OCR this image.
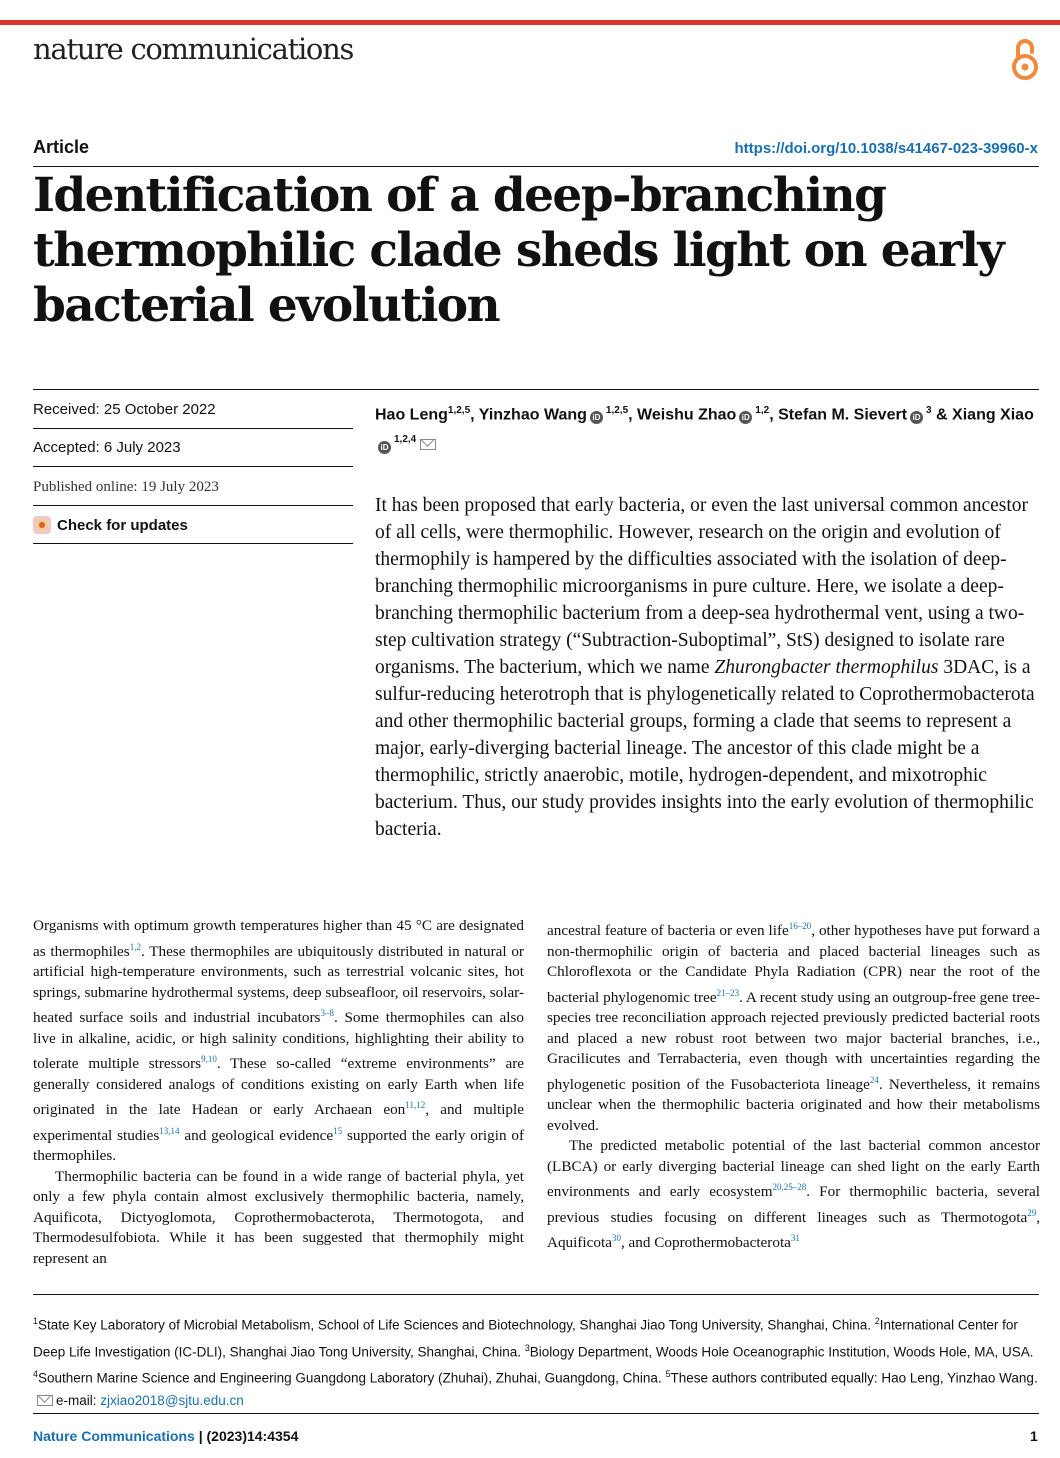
nature communications
Article	https://doi.org/10.1038/s41467-023-39960-x
Identification of a deep-branching thermophilic clade sheds light on early bacterial evolution
Received: 25 October 2022
Accepted: 6 July 2023
Published online: 19 July 2023
Check for updates
Hao Leng$^{1,2,5}$, Yinzhao Wang iD$^{1,2,5}$, Weishu Zhao iD$^{1,2}$, Stefan M. Sievert $iD^3$ & Xiang XiaoiD$^{1,2,4}$

It has been proposed that early bacteria, or even the last universal common ancestor of all cells, were thermophilic. However, research on the origin and evolution of thermophily is hampered by the difficulties associated with the isolation of deep-branching thermophilic microorganisms in pure culture. Here, we isolate a deep-branching thermophilic bacterium from a deep-sea hydrothermal vent, using a two-step cultivation strategy (“Subtraction-Suboptimal”, StS) designed to isolate rare organisms. The bacterium, which we name Zhurongbacter thermophilus 3DAC, is a sulfur-reducing heterotroph that is phylogenetically related to Coprothermobacterota and other thermophilic bacterial groups, forming a clade that seems to represent a major, early-diverging bacterial lineage. The ancestor of this clade might be a thermophilic, strictly anaerobic, motile, hydrogen-dependent, and mixotrophic bacterium. Thus, our study provides insights into the early evolution of thermophilic bacteria.

Organisms with optimum growth temperatures higher than 45 °C are designated as thermophiles$^{1,2}$. These thermophiles are ubiquitously distributed in natural or artificial high-temperature environments, such as terrestrial volcanic sites, hot springs, submarine hydrothermal systems, deep subseafloor, oil reservoirs, solar-heated surface soils and industrial incubators$^{3-8}$. Some thermophiles can also live in alkaline, acidic, or high salinity conditions, highlighting their ability to tolerate multiple stressors$^{9,10}$. These so-called “extreme environments” are generally considered analogs of conditions existing on early Earth when life originated in the late Hadean or early Archaean eon$^{11,12}$, and multiple experimental studies$^{13,14}$ and geological evidence$^{15}$ supported the early origin of thermophiles.

Thermophilic bacteria can be found in a wide range of bacterial phyla, yet only a few phyla contain almost exclusively thermophilic bacteria, namely, Aquificota, Dictyoglomota, Coprothermobacterota, Thermotogota, and Thermodesulfobiota. While it has been suggested that thermophily might represent an

ancestral feature of bacteria or even life$^{16-20}$, other hypotheses have put forward a non-thermophilic origin of bacteria and placed bacterial lineages such as Chloroflexota or the Candidate Phyla Radiation (CPR) near the root of the bacterial phylogenomic tree$^{21-23}$. A recent study using an outgroup-free gene tree-species tree reconciliation approach rejected previously predicted bacterial roots and placed a new robust root between two major bacterial branches, i.e., Gracilicutes and Terrabacteria, even though with uncertainties regarding the phylogenetic position of the Fusobacteriota lineage$^{24}$. Nevertheless, it remains unclear when the thermophilic bacteria originated and how their metabolisms evolved.

The predicted metabolic potential of the last bacterial common ancestor (LBCA) or early diverging bacterial lineage can shed light on the early Earth environments and early ecosystem$^{20,25-28}$. For thermophilic bacteria, several previous studies focusing on different lineages such as Thermotogota$^{29}$, Aquificota$^{30}$, and Coprothermobacterota$^{31}$

$^1$State Key Laboratory of Microbial Metabolism, School of Life Sciences and Biotechnology, Shanghai Jiao Tong University, Shanghai, China. $^2$International Center for Deep Life Investigation (IC-DLI), Shanghai Jiao Tong University, Shanghai, China. $^3$Biology Department, Woods Hole Oceanographic Institution, Woods Hole, MA, USA. $^4$Southern Marine Science and Engineering Guangdong Laboratory (Zhuhai), Zhuhai, Guangdong, China. $^5$These authors contributed equally: Hao Leng, Yinzhao Wang. e-mail: zjxiao2018@sjtu.edu.cn

Nature Communications | (2023)14:4354	1
